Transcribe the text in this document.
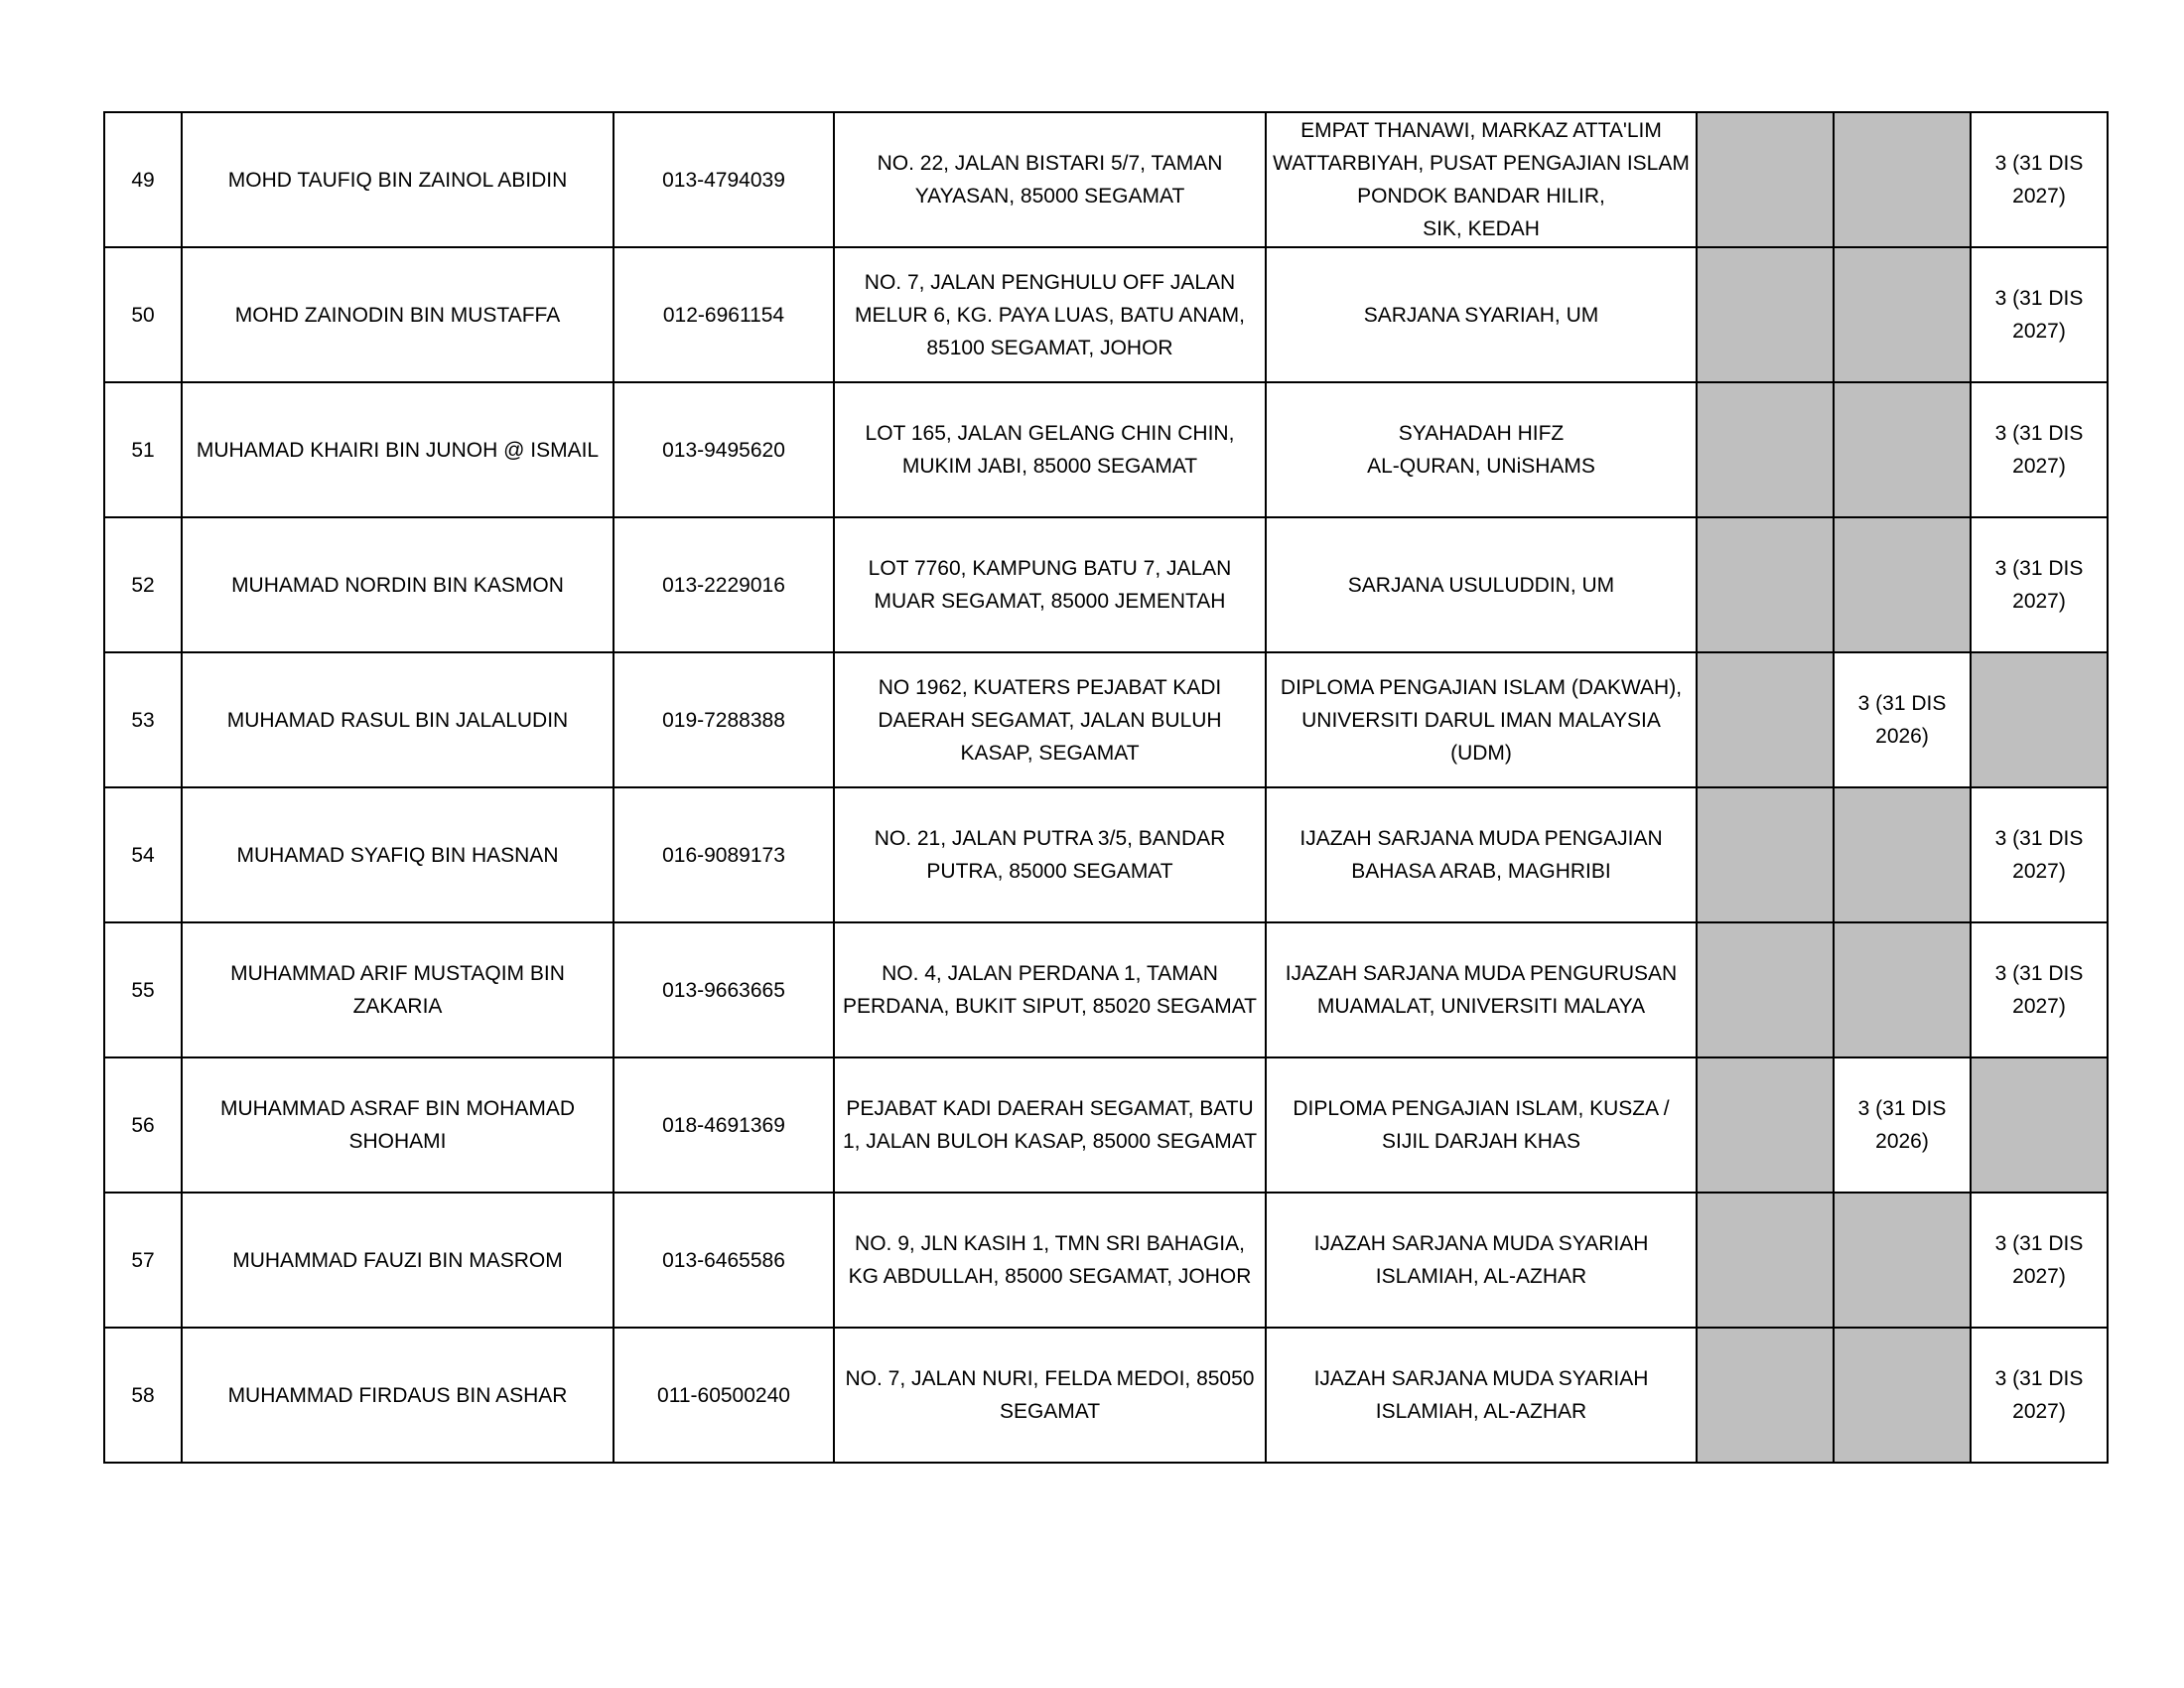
49	MOHD TAUFIQ BIN ZAINOL ABIDIN	013-4794039	NO. 22, JALAN BISTARI 5/7, TAMAN YAYASAN, 85000 SEGAMAT	EMPAT THANAWI, MARKAZ ATTA'LIM WATTARBIYAH, PUSAT PENGAJIAN ISLAM PONDOK BANDAR HILIR,
SIK, KEDAH			3 (31 DIS 2027)
50	MOHD ZAINODIN BIN MUSTAFFA	012-6961154	NO. 7, JALAN PENGHULU OFF JALAN MELUR 6, KG. PAYA LUAS, BATU ANAM, 85100 SEGAMAT, JOHOR	SARJANA SYARIAH, UM			3 (31 DIS 2027)
51	MUHAMAD KHAIRI BIN JUNOH @ ISMAIL	013-9495620	LOT 165, JALAN GELANG CHIN CHIN, MUKIM JABI, 85000 SEGAMAT	SYAHADAH HIFZ
AL-QURAN, UNiSHAMS			3 (31 DIS 2027)
52	MUHAMAD NORDIN BIN KASMON	013-2229016	LOT 7760, KAMPUNG BATU 7, JALAN MUAR SEGAMAT, 85000 JEMENTAH	SARJANA USULUDDIN, UM			3 (31 DIS 2027)
53	MUHAMAD RASUL BIN JALALUDIN	019-7288388	NO 1962, KUATERS PEJABAT KADI DAERAH SEGAMAT, JALAN BULUH KASAP, SEGAMAT	DIPLOMA PENGAJIAN ISLAM (DAKWAH), UNIVERSITI DARUL IMAN MALAYSIA (UDM)		3 (31 DIS 2026)	
54	MUHAMAD SYAFIQ BIN HASNAN	016-9089173	NO. 21, JALAN PUTRA 3/5, BANDAR PUTRA, 85000 SEGAMAT	IJAZAH SARJANA MUDA PENGAJIAN BAHASA ARAB, MAGHRIBI			3 (31 DIS 2027)
55	MUHAMMAD ARIF MUSTAQIM BIN ZAKARIA	013-9663665	NO. 4, JALAN PERDANA 1, TAMAN PERDANA, BUKIT SIPUT, 85020 SEGAMAT	IJAZAH SARJANA MUDA PENGURUSAN MUAMALAT, UNIVERSITI MALAYA			3 (31 DIS 2027)
56	MUHAMMAD ASRAF BIN MOHAMAD SHOHAMI	018-4691369	PEJABAT KADI DAERAH SEGAMAT, BATU 1, JALAN BULOH KASAP, 85000 SEGAMAT	DIPLOMA PENGAJIAN ISLAM, KUSZA / SIJIL DARJAH KHAS		3 (31 DIS 2026)	
57	MUHAMMAD FAUZI BIN MASROM	013-6465586	NO. 9, JLN KASIH 1, TMN SRI BAHAGIA, KG ABDULLAH, 85000 SEGAMAT, JOHOR	IJAZAH SARJANA MUDA SYARIAH ISLAMIAH, AL-AZHAR			3 (31 DIS 2027)
58	MUHAMMAD FIRDAUS BIN ASHAR	011-60500240	NO. 7, JALAN NURI, FELDA MEDOI, 85050 SEGAMAT	IJAZAH SARJANA MUDA SYARIAH ISLAMIAH, AL-AZHAR			3 (31 DIS 2027)
